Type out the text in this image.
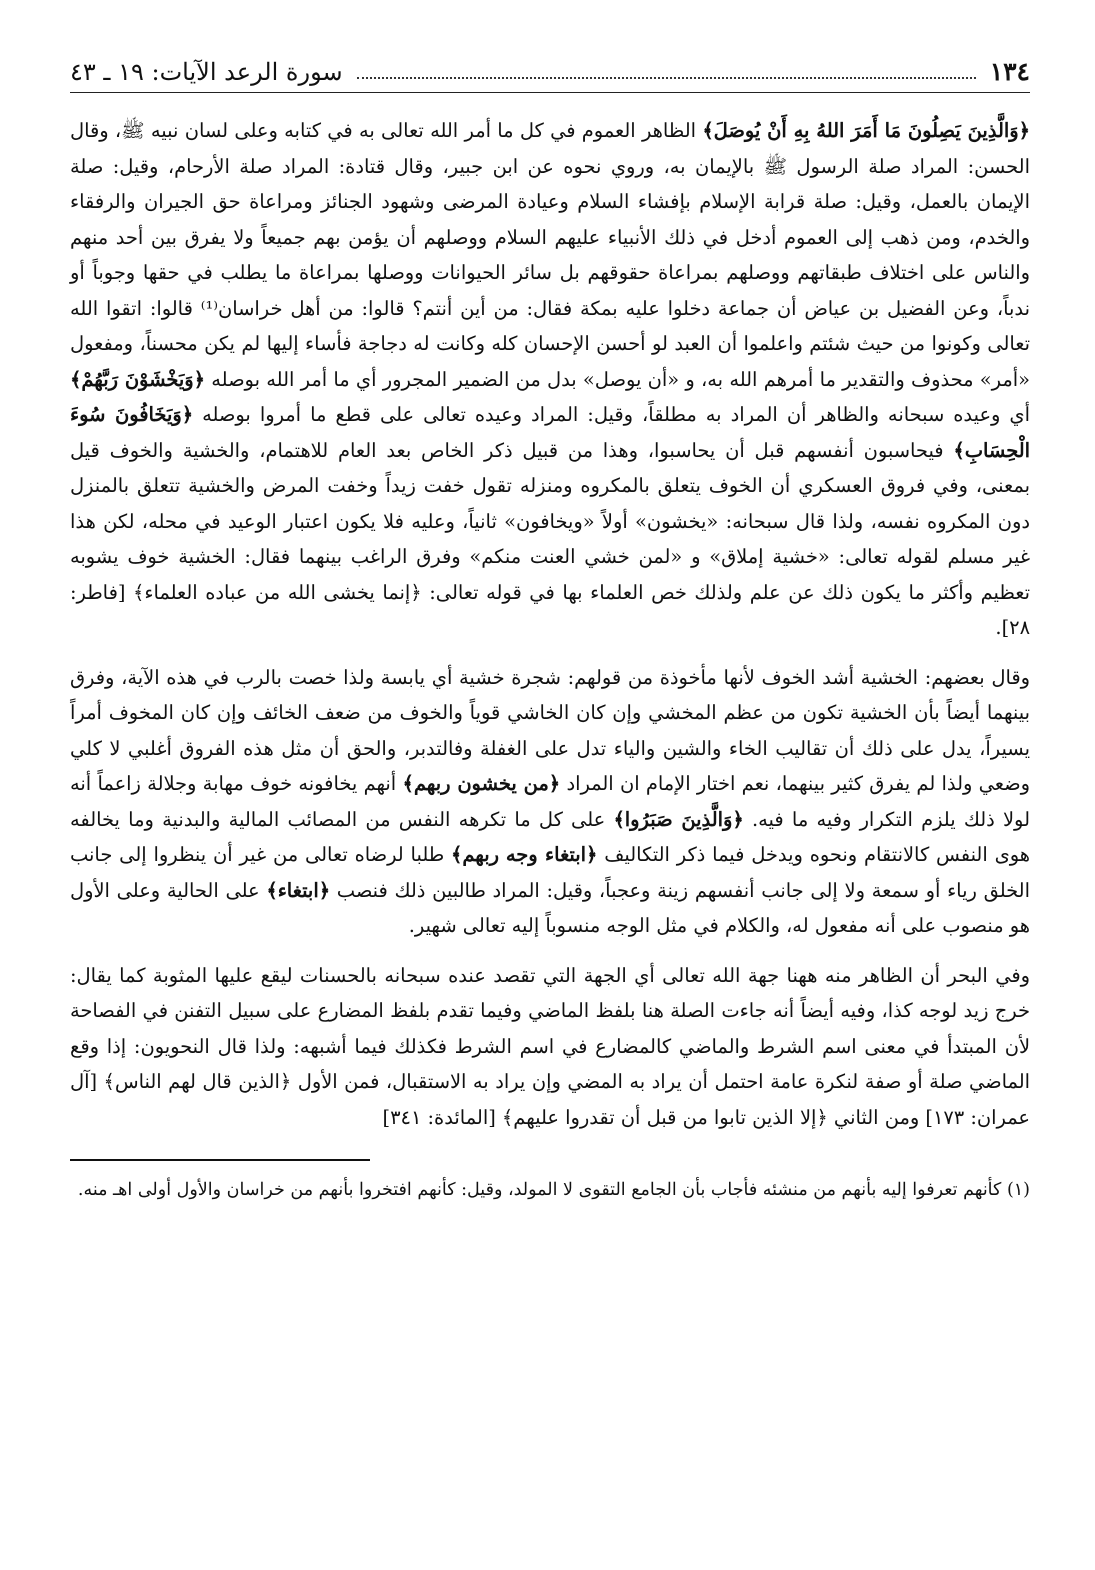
١٣٤
سورة الرعد الآيات: ١٩ ـ ٤٣

﴿وَالَّذِينَ يَصِلُونَ مَا أَمَرَ اللهُ بِهِ أَنْ يُوصَلَ﴾ الظاهر العموم في كل ما أمر الله تعالى به في كتابه وعلى لسان نبيه ﷺ، وقال الحسن: المراد صلة الرسول ﷺ بالإيمان به، وروي نحوه عن ابن جبير، وقال قتادة: المراد صلة الأرحام، وقيل: صلة الإيمان بالعمل، وقيل: صلة قرابة الإسلام بإفشاء السلام وعيادة المرضى وشهود الجنائز ومراعاة حق الجيران والرفقاء والخدم، ومن ذهب إلى العموم أدخل في ذلك الأنبياء عليهم السلام ووصلهم أن يؤمن بهم جميعاً ولا يفرق بين أحد منهم والناس على اختلاف طبقاتهم ووصلهم بمراعاة حقوقهم بل سائر الحيوانات ووصلها بمراعاة ما يطلب في حقها وجوباً أو ندباً، وعن الفضيل بن عياض أن جماعة دخلوا عليه بمكة فقال: من أين أنتم؟ قالوا: من أهل خراسان⁽¹⁾ قالوا: اتقوا الله تعالى وكونوا من حيث شئتم واعلموا أن العبد لو أحسن الإحسان كله وكانت له دجاجة فأساء إليها لم يكن محسناً، ومفعول «أمر» محذوف والتقدير ما أمرهم الله به، و «أن يوصل» بدل من الضمير المجرور أي ما أمر الله بوصله ﴿وَيَخْشَوْنَ رَبَّهُمْ﴾ أي وعيده سبحانه والظاهر أن المراد به مطلقاً، وقيل: المراد وعيده تعالى على قطع ما أمروا بوصله ﴿وَيَخَافُونَ سُوءَ الْحِسَابِ﴾ فيحاسبون أنفسهم قبل أن يحاسبوا، وهذا من قبيل ذكر الخاص بعد العام للاهتمام، والخشية والخوف قيل بمعنى، وفي فروق العسكري أن الخوف يتعلق بالمكروه ومنزله تقول خفت زيداً وخفت المرض والخشية تتعلق بالمنزل دون المكروه نفسه، ولذا قال سبحانه: «يخشون» أولاً «ويخافون» ثانياً، وعليه فلا يكون اعتبار الوعيد في محله، لكن هذا غير مسلم لقوله تعالى: «خشية إملاق» و «لمن خشي العنت منكم» وفرق الراغب بينهما فقال: الخشية خوف يشوبه تعظيم وأكثر ما يكون ذلك عن علم ولذلك خص العلماء بها في قوله تعالى: ﴿إنما يخشى الله من عباده العلماء﴾ [فاطر: ٢٨].

وقال بعضهم: الخشية أشد الخوف لأنها مأخوذة من قولهم: شجرة خشية أي يابسة ولذا خصت بالرب في هذه الآية، وفرق بينهما أيضاً بأن الخشية تكون من عظم المخشي وإن كان الخاشي قوياً والخوف من ضعف الخائف وإن كان المخوف أمراً يسيراً، يدل على ذلك أن تقاليب الخاء والشين والياء تدل على الغفلة وفالتدبر، والحق أن مثل هذه الفروق أغلبي لا كلي وضعي ولذا لم يفرق كثير بينهما، نعم اختار الإمام ان المراد ﴿من يخشون ربهم﴾ أنهم يخافونه خوف مهابة وجلالة زاعماً أنه لولا ذلك يلزم التكرار وفيه ما فيه. ﴿وَالَّذِينَ صَبَرُوا﴾ على كل ما تكرهه النفس من المصائب المالية والبدنية وما يخالفه هوى النفس كالانتقام ونحوه ويدخل فيما ذكر التكاليف ﴿ابتغاء وجه ربهم﴾ طلبا لرضاه تعالى من غير أن ينظروا إلى جانب الخلق رياء أو سمعة ولا إلى جانب أنفسهم زينة وعجباً، وقيل: المراد طالبين ذلك فنصب ﴿ابتغاء﴾ على الحالية وعلى الأول هو منصوب على أنه مفعول له، والكلام في مثل الوجه منسوباً إليه تعالى شهير.

وفي البحر أن الظاهر منه ههنا جهة الله تعالى أي الجهة التي تقصد عنده سبحانه بالحسنات ليقع عليها المثوبة كما يقال: خرج زيد لوجه كذا، وفيه أيضاً أنه جاءت الصلة هنا بلفظ الماضي وفيما تقدم بلفظ المضارع على سبيل التفنن في الفصاحة لأن المبتدأ في معنى اسم الشرط والماضي كالمضارع في اسم الشرط فكذلك فيما أشبهه: ولذا قال النحويون: إذا وقع الماضي صلة أو صفة لنكرة عامة احتمل أن يراد به المضي وإن يراد به الاستقبال، فمن الأول ﴿الذين قال لهم الناس﴾ [آل عمران: ١٧٣] ومن الثاني ﴿إلا الذين تابوا من قبل أن تقدروا عليهم﴾ [المائدة: ٣٤١]

(١) كأنهم تعرفوا إليه بأنهم من منشئه فأجاب بأن الجامع التقوى لا المولد، وقيل: كأنهم افتخروا بأنهم من خراسان والأول أولى اهـ منه.
